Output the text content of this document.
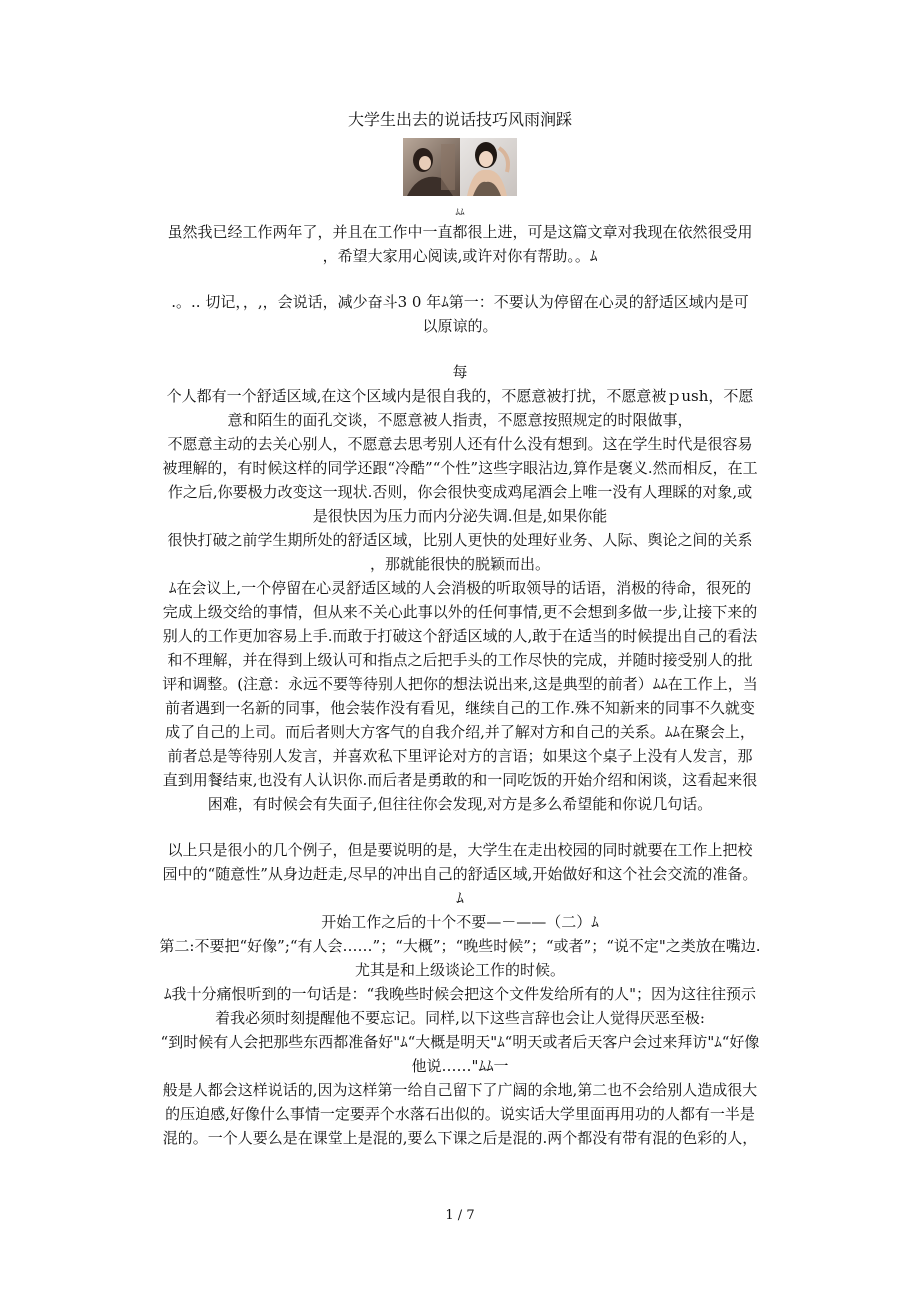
大学生出去的说话技巧风雨涧踩
ﾑﾑ

虽然我已经工作两年了，并且在工作中一直都很上进，可是这篇文章对我现在依然很受用

，希望大家用心阅读,或许对你有帮助。。ﾑ

.。.. 切记，，,，会说话，减少奋斗3 0 年ﾑ第一：不要认为停留在心灵的舒适区域内是可

以原谅的。

每

个人都有一个舒适区域,在这个区域内是很自我的，不愿意被打扰，不愿意被ｐush，不愿

意和陌生的面孔交谈，不愿意被人指责，不愿意按照规定的时限做事，

不愿意主动的去关心别人，不愿意去思考别人还有什么没有想到。这在学生时代是很容易

被理解的，有时候这样的同学还跟“冷酷”“个性”这些字眼沾边,算作是褒义.然而相反，在工

作之后,你要极力改变这一现状.否则，你会很快变成鸡尾酒会上唯一没有人理睬的对象,或

是很快因为压力而内分泌失调.但是,如果你能

很快打破之前学生期所处的舒适区域，比别人更快的处理好业务、人际、舆论之间的关系

，那就能很快的脱颖而出。

ﾑ在会议上,一个停留在心灵舒适区域的人会消极的听取领导的话语，消极的待命，很死的

完成上级交给的事情，但从来不关心此事以外的任何事情,更不会想到多做一步,让接下来的

别人的工作更加容易上手.而敢于打破这个舒适区域的人,敢于在适当的时候提出自己的看法

和不理解，并在得到上级认可和指点之后把手头的工作尽快的完成，并随时接受别人的批

评和调整。(注意：永远不要等待别人把你的想法说出来,这是典型的前者）ﾑﾑ在工作上，当

前者遇到一名新的同事，他会装作没有看见，继续自己的工作.殊不知新来的同事不久就变

成了自己的上司。而后者则大方客气的自我介绍,并了解对方和自己的关系。ﾑﾑ在聚会上，

前者总是等待别人发言，并喜欢私下里评论对方的言语；如果这个桌子上没有人发言，那

直到用餐结束,也没有人认识你.而后者是勇敢的和一同吃饭的开始介绍和闲谈，这看起来很

困难，有时候会有失面子,但往往你会发现,对方是多么希望能和你说几句话。

以上只是很小的几个例子，但是要说明的是，大学生在走出校园的同时就要在工作上把校

园中的“随意性”从身边赶走,尽早的冲出自己的舒适区域,开始做好和这个社会交流的准备。

ﾑ

开始工作之后的十个不要—－——（二）ﾑ

第二:不要把“好像”;“有人会……”；“大概”；“晚些时候”；“或者”；“说不定"之类放在嘴边.

尤其是和上级谈论工作的时候。

ﾑ我十分痛恨听到的一句话是：“我晚些时候会把这个文件发给所有的人"；因为这往往预示

着我必须时刻提醒他不要忘记。同样,以下这些言辞也会让人觉得厌恶至极:

“到时候有人会把那些东西都准备好"ﾑ“大概是明天"ﾑ“明天或者后天客户会过来拜访"ﾑ“好像

他说……"ﾑﾑ一

般是人都会这样说话的,因为这样第一给自己留下了广阔的余地,第二也不会给别人造成很大

的压迫感,好像什么事情一定要弄个水落石出似的。说实话大学里面再用功的人都有一半是

混的。一个人要么是在课堂上是混的,要么下课之后是混的.两个都没有带有混的色彩的人，

1 / 7
